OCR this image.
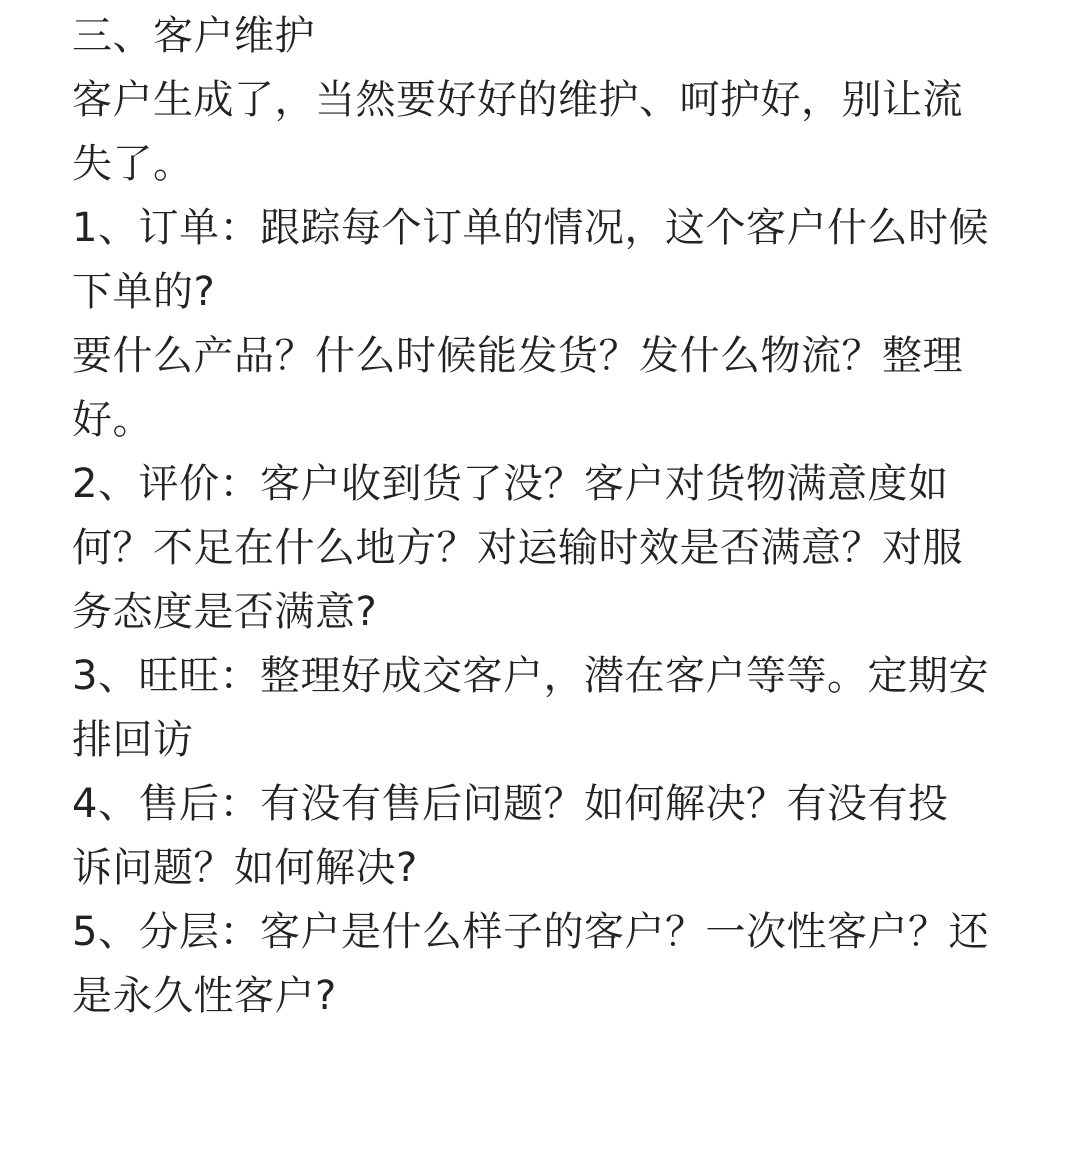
三、客户维护
客户生成了，当然要好好的维护、呵护好，别让流
失了。
1、订单：跟踪每个订单的情况，这个客户什么时候
下单的?
要什么产品？什么时候能发货？发什么物流？整理
好。
2、评价：客户收到货了没？客户对货物满意度如
何？不足在什么地方？对运输时效是否满意？对服
务态度是否满意?
3、旺旺：整理好成交客户，潜在客户等等。定期安
排回访
4、售后：有没有售后问题？如何解决？有没有投
诉问题？如何解决?
5、分层：客户是什么样子的客户？一次性客户？还
是永久性客户?
